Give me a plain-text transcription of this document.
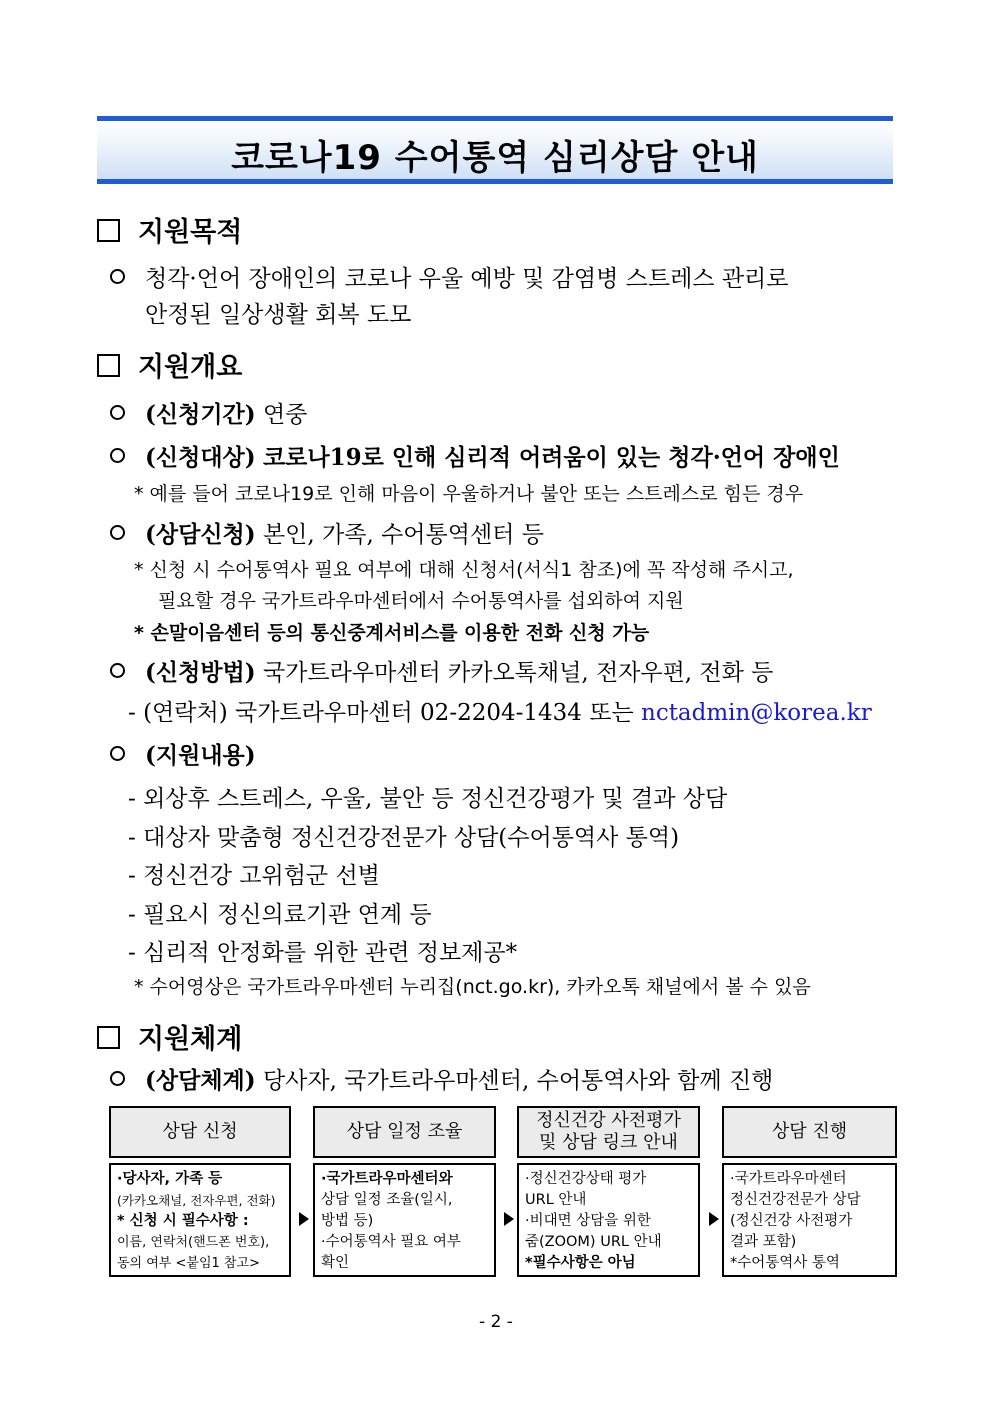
코로나19 수어통역 심리상담 안내
지원목적
청각·언어 장애인의 코로나 우울 예방 및 감염병 스트레스 관리로
안정된 일상생활 회복 도모
지원개요
(신청기간) 연중
(신청대상) 코로나19로 인해 심리적 어려움이 있는 청각·언어 장애인
* 예를 들어 코로나19로 인해 마음이 우울하거나 불안 또는 스트레스로 힘든 경우
(상담신청) 본인, 가족, 수어통역센터 등
* 신청 시 수어통역사 필요 여부에 대해 신청서(서식1 참조)에 꼭 작성해 주시고,
필요할 경우 국가트라우마센터에서 수어통역사를 섭외하여 지원
* 손말이음센터 등의 통신중계서비스를 이용한 전화 신청 가능
(신청방법) 국가트라우마센터 카카오톡채널, 전자우편, 전화 등
- (연락처) 국가트라우마센터 02-2204-1434 또는 nctadmin@korea.kr
(지원내용)
- 외상후 스트레스, 우울, 불안 등 정신건강평가 및 결과 상담
- 대상자 맞춤형 정신건강전문가 상담(수어통역사 통역)
- 정신건강 고위험군 선별
- 필요시 정신의료기관 연계 등
- 심리적 안정화를 위한 관련 정보제공*
* 수어영상은 국가트라우마센터 누리집(nct.go.kr), 카카오톡 채널에서 볼 수 있음
지원체계
(상담체계) 당사자, 국가트라우마센터, 수어통역사와 함께 진행
상담 신청
·당사자, 가족 등
(카카오채널, 전자우편, 전화)
* 신청 시 필수사항 :
이름, 연락처(핸드폰 번호),
동의 여부 <붙임1 참고>
상담 일정 조율
·국가트라우마센터와
상담 일정 조율(일시,
방법 등)
·수어통역사 필요 여부
확인
정신건강 사전평가
및 상담 링크 안내
·정신건강상태 평가
URL 안내
·비대면 상담을 위한
줌(ZOOM) URL 안내
*필수사항은 아님
상담 진행
·국가트라우마센터
정신건강전문가 상담
(정신건강 사전평가
결과 포함)
*수어통역사 통역
- 2 -
